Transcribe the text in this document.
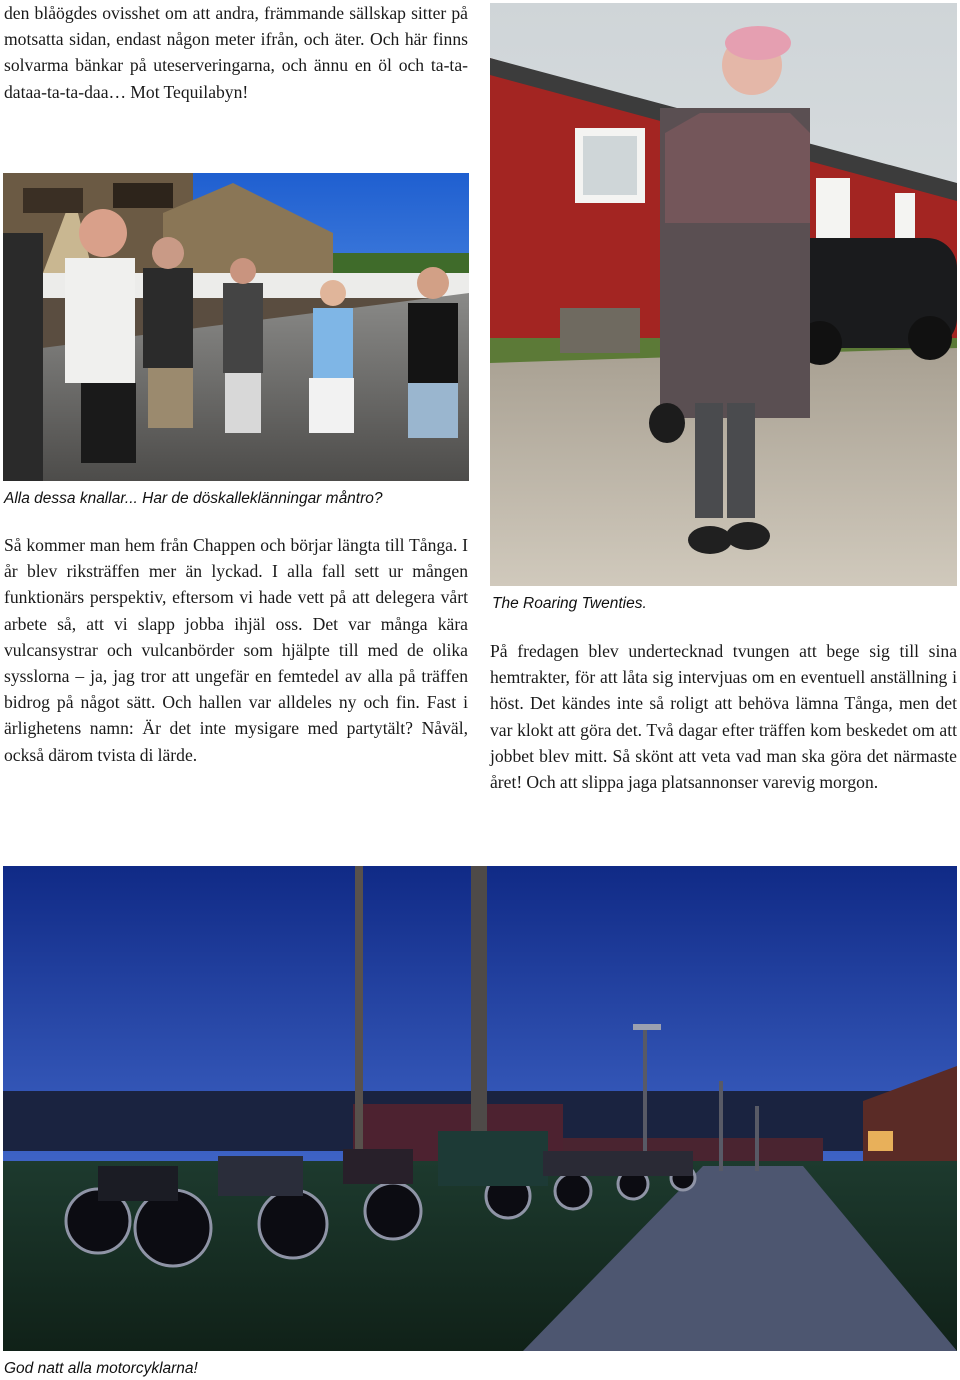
den blåögdes ovisshet om att andra, främmande sällskap sitter på motsatta sidan, endast någon meter ifrån, och äter. Och här finns solvarma bänkar på uteserveringarna, och ännu en öl och ta-ta-dataa-ta-ta-daa… Mot Tequilabyn!

Alla dessa knallar... Har de döskalleklänningar måntro?

Så kommer man hem från Chappen och börjar längta till Tånga. I år blev riksträffen mer än lyckad. I alla fall sett ur mången funktionärs perspektiv, eftersom vi hade vett på att delegera vårt arbete så, att vi slapp jobba ihjäl oss. Det var många kära vulcansystrar och vulcanbörder som hjälpte till med de olika sysslorna – ja, jag tror att ungefär en femtedel av alla på träffen bidrog på något sätt. Och hallen var alldeles ny och fin. Fast i ärlighetens namn: Är det inte mysigare med partytält? Nåväl, också därom tvista di lärde.

The Roaring Twenties.

På fredagen blev undertecknad tvungen att bege sig till sina hemtrakter, för att låta sig intervjuas om en eventuell anställning i höst. Det kändes inte så roligt att behöva lämna Tånga, men det var klokt att göra det. Två dagar efter träffen kom beskedet om att jobbet blev mitt. Så skönt att veta vad man ska göra det närmaste året! Och att slippa jaga platsannonser varevig morgon.

God natt alla motorcyklarna!
